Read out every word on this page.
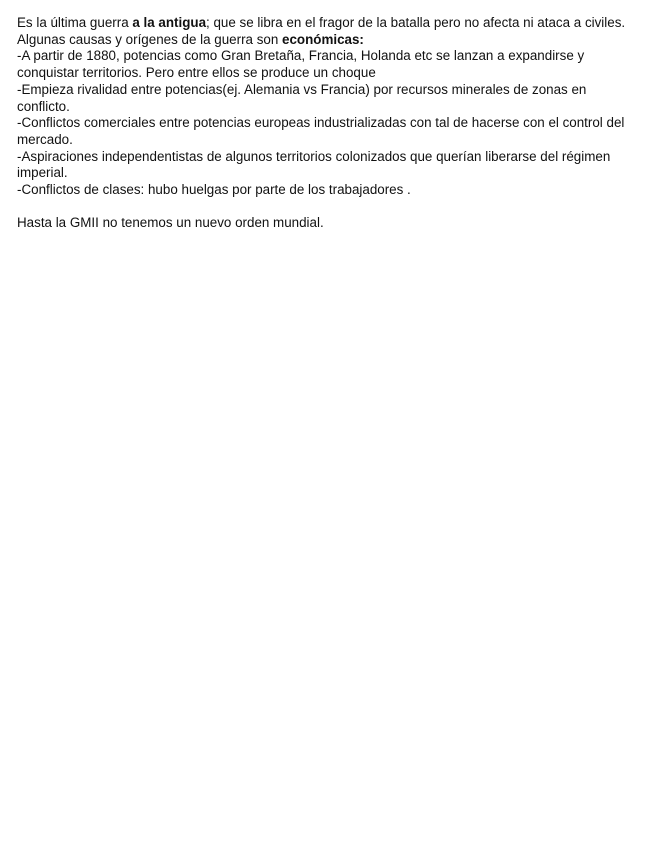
Es la última guerra a la antigua; que se libra en el fragor de la batalla pero no afecta ni ataca a civiles.

Algunas causas y orígenes de la guerra son económicas:

-A partir de 1880, potencias como Gran Bretaña, Francia, Holanda etc se lanzan a expandirse y conquistar territorios. Pero entre ellos se produce un choque

-Empieza rivalidad entre potencias(ej. Alemania vs Francia) por recursos minerales de zonas en conflicto.

-Conflictos comerciales entre potencias europeas industrializadas con tal de hacerse con el control del mercado.

-Aspiraciones independentistas de algunos territorios colonizados que querían liberarse del régimen imperial.

-Conflictos de clases: hubo huelgas por parte de los trabajadores .

Hasta la GMII no tenemos un nuevo orden mundial.
